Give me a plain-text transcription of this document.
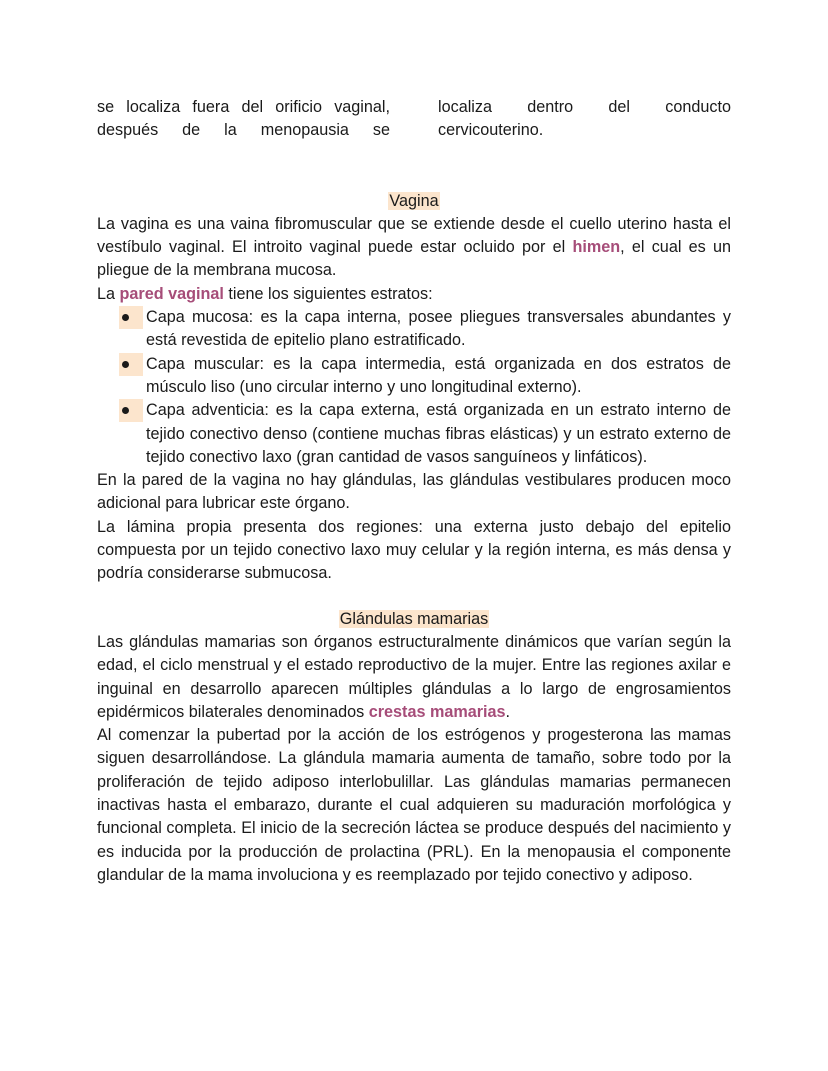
se localiza fuera del orificio vaginal,
después de la menopausia se
localiza dentro del conducto
cervicouterino.
Vagina

La vagina es una vaina fibromuscular que se extiende desde el cuello uterino hasta el vestíbulo vaginal. El introito vaginal puede estar ocluido por el himen, el cual es un pliegue de la membrana mucosa.

La pared vaginal tiene los siguientes estratos:

Capa mucosa: es la capa interna, posee pliegues transversales abundantes y está revestida de epitelio plano estratificado.
Capa muscular: es la capa intermedia, está organizada en dos estratos de músculo liso (uno circular interno y uno longitudinal externo).
Capa adventicia: es la capa externa, está organizada en un estrato interno de tejido conectivo denso (contiene muchas fibras elásticas) y un estrato externo de tejido conectivo laxo (gran cantidad de vasos sanguíneos y linfáticos).

En la pared de la vagina no hay glándulas, las glándulas vestibulares producen moco adicional para lubricar este órgano.

La lámina propia presenta dos regiones: una externa justo debajo del epitelio compuesta por un tejido conectivo laxo muy celular y la región interna, es más densa y podría considerarse submucosa.

Glándulas mamarias

Las glándulas mamarias son órganos estructuralmente dinámicos que varían según la edad, el ciclo menstrual y el estado reproductivo de la mujer. Entre las regiones axilar e inguinal en desarrollo aparecen múltiples glándulas a lo largo de engrosamientos epidérmicos bilaterales denominados crestas mamarias.

Al comenzar la pubertad por la acción de los estrógenos y progesterona las mamas siguen desarrollándose. La glándula mamaria aumenta de tamaño, sobre todo por la proliferación de tejido adiposo interlobulillar. Las glándulas mamarias permanecen inactivas hasta el embarazo, durante el cual adquieren su maduración morfológica y funcional completa. El inicio de la secreción láctea se produce después del nacimiento y es inducida por la producción de prolactina (PRL). En la menopausia el componente glandular de la mama involuciona y es reemplazado por tejido conectivo y adiposo.
